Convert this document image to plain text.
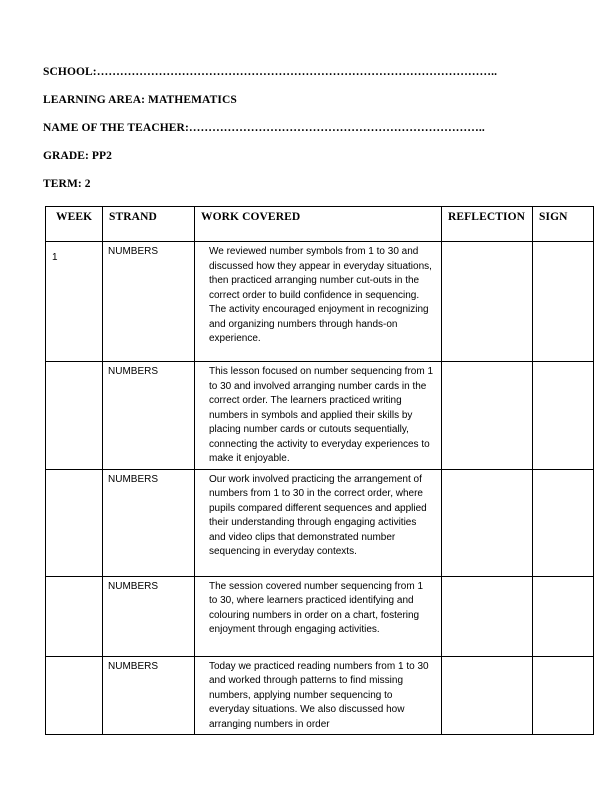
SCHOOL:…………………………………………………………………………………………..

LEARNING AREA: MATHEMATICS

NAME OF THE TEACHER:…………………………………………………………………..

GRADE: PP2

TERM: 2

WEEK	STRAND	WORK COVERED	REFLECTION	SIGN
1	NUMBERS	We reviewed number symbols from 1 to 30 and discussed how they appear in everyday situations, then practiced arranging number cut-outs in the correct order to build confidence in sequencing. The activity encouraged enjoyment in recognizing and organizing numbers through hands-on experience.		
	NUMBERS	This lesson focused on number sequencing from 1 to 30 and involved arranging number cards in the correct order. The learners practiced writing numbers in symbols and applied their skills by placing number cards or cutouts sequentially, connecting the activity to everyday experiences to make it enjoyable.		
	NUMBERS	Our work involved practicing the arrangement of numbers from 1 to 30 in the correct order, where pupils compared different sequences and applied their understanding through engaging activities and video clips that demonstrated number sequencing in everyday contexts.		
	NUMBERS	The session covered number sequencing from 1 to 30, where learners practiced identifying and colouring numbers in order on a chart, fostering enjoyment through engaging activities.		
	NUMBERS	Today we practiced reading numbers from 1 to 30 and worked through patterns to find missing numbers, applying number sequencing to everyday situations. We also discussed how arranging numbers in order		
